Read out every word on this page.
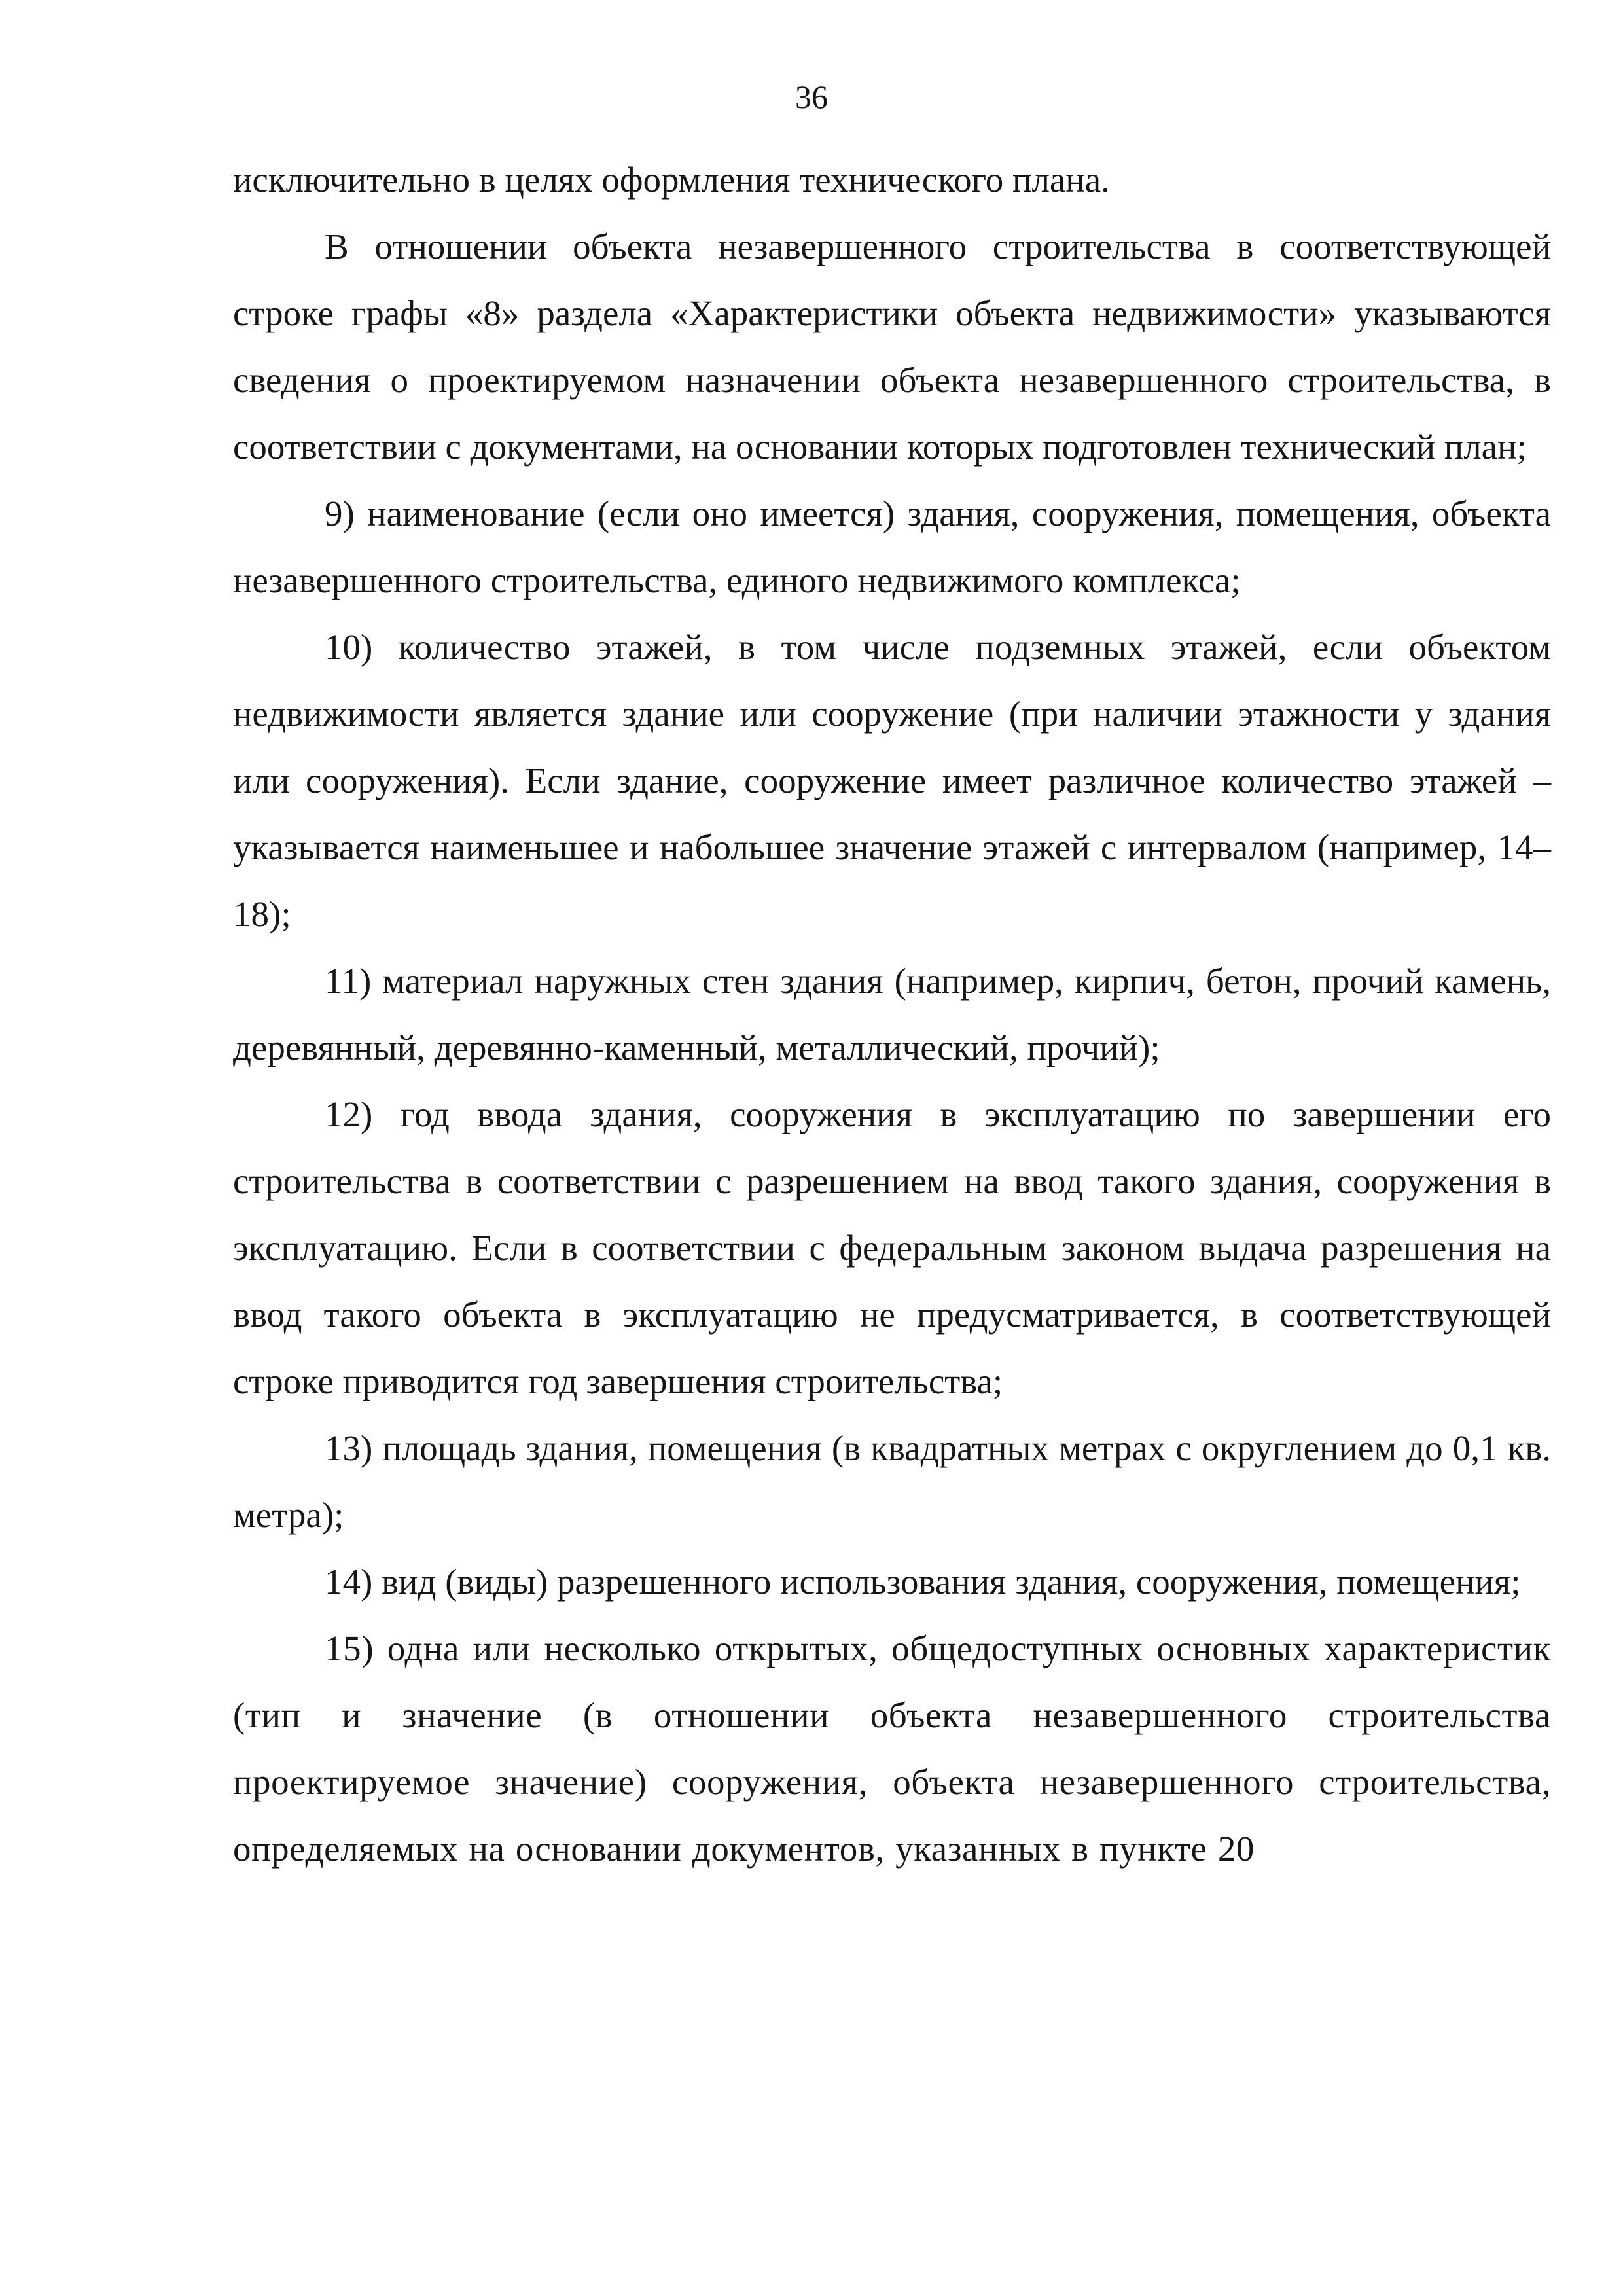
36

исключительно в целях оформления технического плана.

В отношении объекта незавершенного строительства в соответствующей строке графы «8» раздела «Характеристики объекта недвижимости» указываются сведения о проектируемом назначении объекта незавершенного строительства, в соответствии с документами, на основании которых подготовлен технический план;

9) наименование (если оно имеется) здания, сооружения, помещения, объекта незавершенного строительства, единого недвижимого комплекса;

10) количество этажей, в том числе подземных этажей, если объектом недвижимости является здание или сооружение (при наличии этажности у здания или сооружения). Если здание, сооружение имеет различное количество этажей – указывается наименьшее и набольшее значение этажей с интервалом (например, 14–18);

11) материал наружных стен здания (например, кирпич, бетон, прочий камень, деревянный, деревянно-каменный, металлический, прочий);

12) год ввода здания, сооружения в эксплуатацию по завершении его строительства в соответствии с разрешением на ввод такого здания, сооружения в эксплуатацию. Если в соответствии с федеральным законом выдача разрешения на ввод такого объекта в эксплуатацию не предусматривается, в соответствующей строке приводится год завершения строительства;

13) площадь здания, помещения (в квадратных метрах с округлением до 0,1 кв. метра);

14) вид (виды) разрешенного использования здания, сооружения, помещения;

15) одна или несколько открытых, общедоступных основных характеристик (тип и значение (в отношении объекта незавершенного строительства проектируемое значение) сооружения, объекта незавершенного строительства, определяемых на основании документов, указанных в пункте 20
